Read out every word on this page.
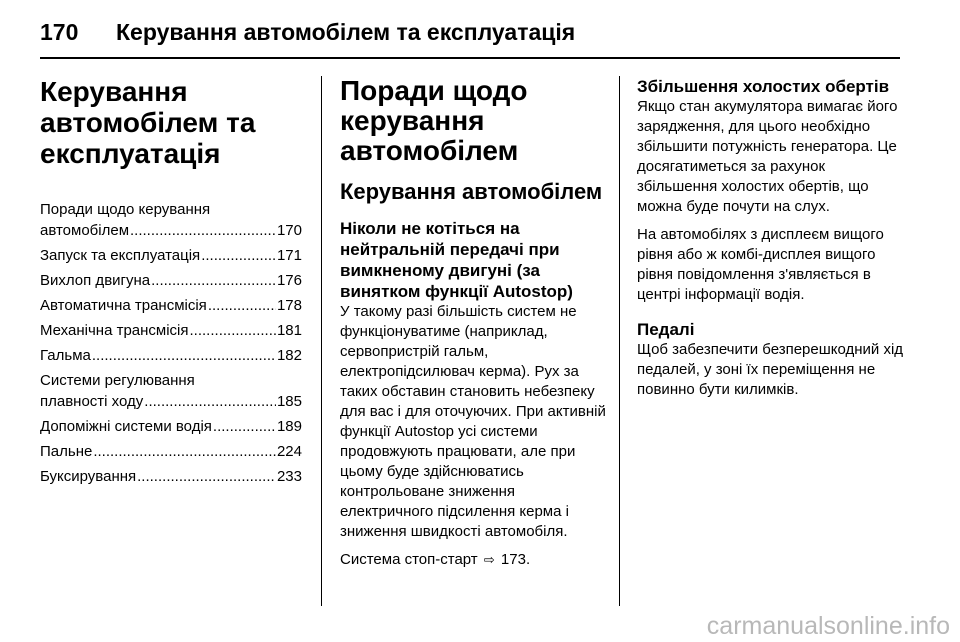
170	Керування автомобілем та експлуатація
Керування автомобілем та експлуатація
Поради щодо керування
автомобілем .....	170
Запуск та експлуатація .....	171
Вихлоп двигуна .....	176
Автоматична трансмісія .....	178
Механічна трансмісія .....	181
Гальма .....	182
Системи регулювання
плавності ходу .....	185
Допоміжні системи водія .....	189
Пальне .....	224
Буксирування .....	233
Поради щодо керування автомобілем
Керування автомобілем
Ніколи не котіться на нейтральній передачі при вимкненому двигуні (за винятком функції Autostop)

У такому разі більшість систем не функціонуватиме (наприклад, сервопристрій гальм, електропідсилювач керма). Рух за таких обставин становить небезпеку для вас і для оточуючих. При активній функції Autostop усі системи продовжують працювати, але при цьому буде здійснюватись контрольоване зниження електричного підсилення керма і зниження швидкості автомобіля.

Система стоп-старт ⇨ 173.

Збільшення холостих обертів

Якщо стан акумулятора вимагає його зарядження, для цього необхідно збільшити потужність генератора. Це досягатиметься за рахунок збільшення холостих обертів, що можна буде почути на слух.

На автомобілях з дисплеєм вищого рівня або ж комбі-дисплея вищого рівня повідомлення з'являється в центрі інформації водія.

Педалі

Щоб забезпечити безперешкодний хід педалей, у зоні їх переміщення не повинно бути килимків.

carmanualsonline.info
